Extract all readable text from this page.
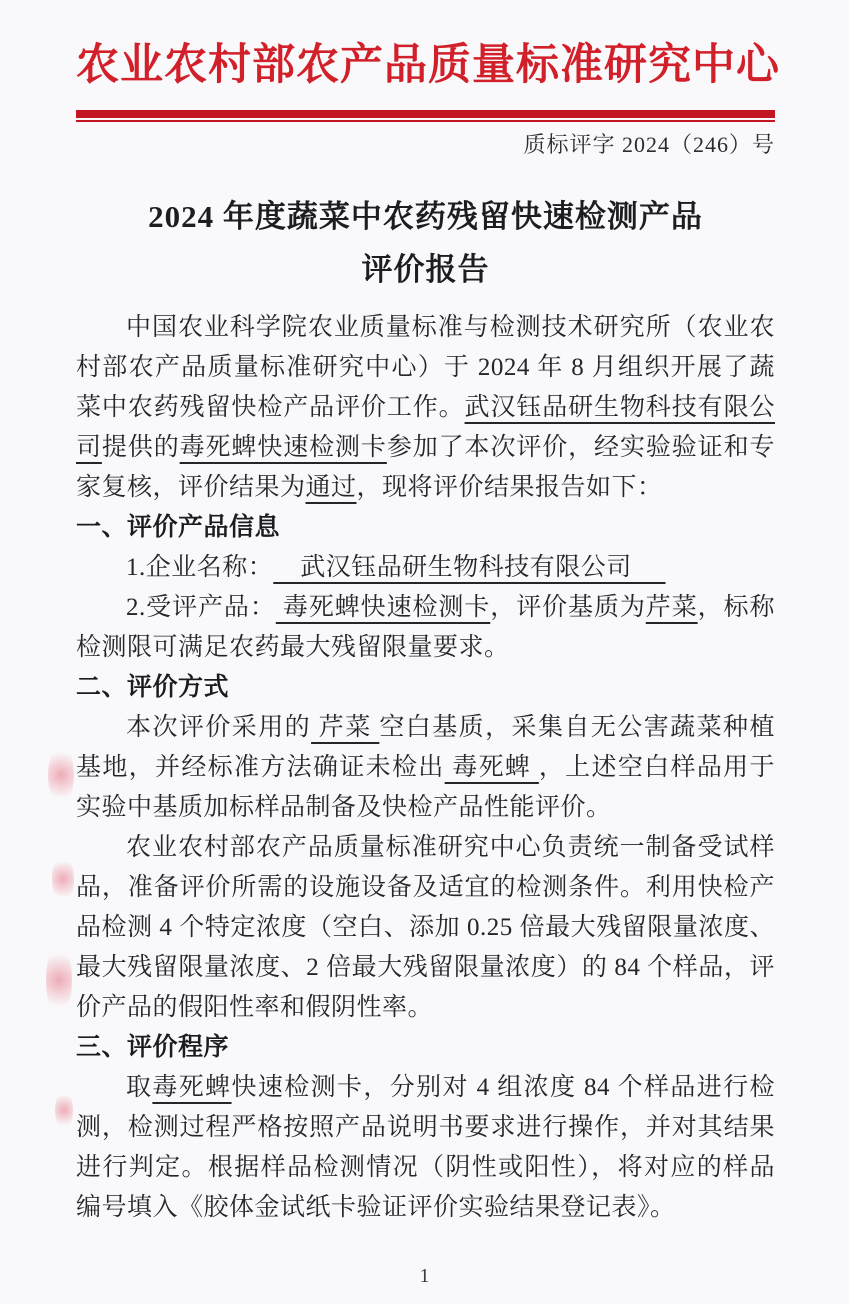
农业农村部农产品质量标准研究中心
质标评字 2024（246）号
2024 年度蔬菜中农药残留快速检测产品
评价报告

中国农业科学院农业质量标准与检测技术研究所（农业农村部农产品质量标准研究中心）于 2024 年 8 月组织开展了蔬菜中农药残留快检产品评价工作。武汉钰品研生物科技有限公司提供的毒死蜱快速检测卡参加了本次评价，经实验验证和专家复核，评价结果为通过，现将评价结果报告如下：

一、评价产品信息

1.企业名称：    武汉钰品研生物科技有限公司

2.受评产品： 毒死蜱快速检测卡，评价基质为芹菜，标称检测限可满足农药最大残留限量要求。

二、评价方式

本次评价采用的 芹菜 空白基质，采集自无公害蔬菜种植基地，并经标准方法确证未检出 毒死蜱 ，上述空白样品用于实验中基质加标样品制备及快检产品性能评价。

农业农村部农产品质量标准研究中心负责统一制备受试样品，准备评价所需的设施设备及适宜的检测条件。利用快检产品检测 4 个特定浓度（空白、添加 0.25 倍最大残留限量浓度、最大残留限量浓度、2 倍最大残留限量浓度）的 84 个样品，评价产品的假阳性率和假阴性率。

三、评价程序

取毒死蜱快速检测卡，分别对 4 组浓度 84 个样品进行检测，检测过程严格按照产品说明书要求进行操作，并对其结果进行判定。根据样品检测情况（阴性或阳性），将对应的样品编号填入《胶体金试纸卡验证评价实验结果登记表》。

1
